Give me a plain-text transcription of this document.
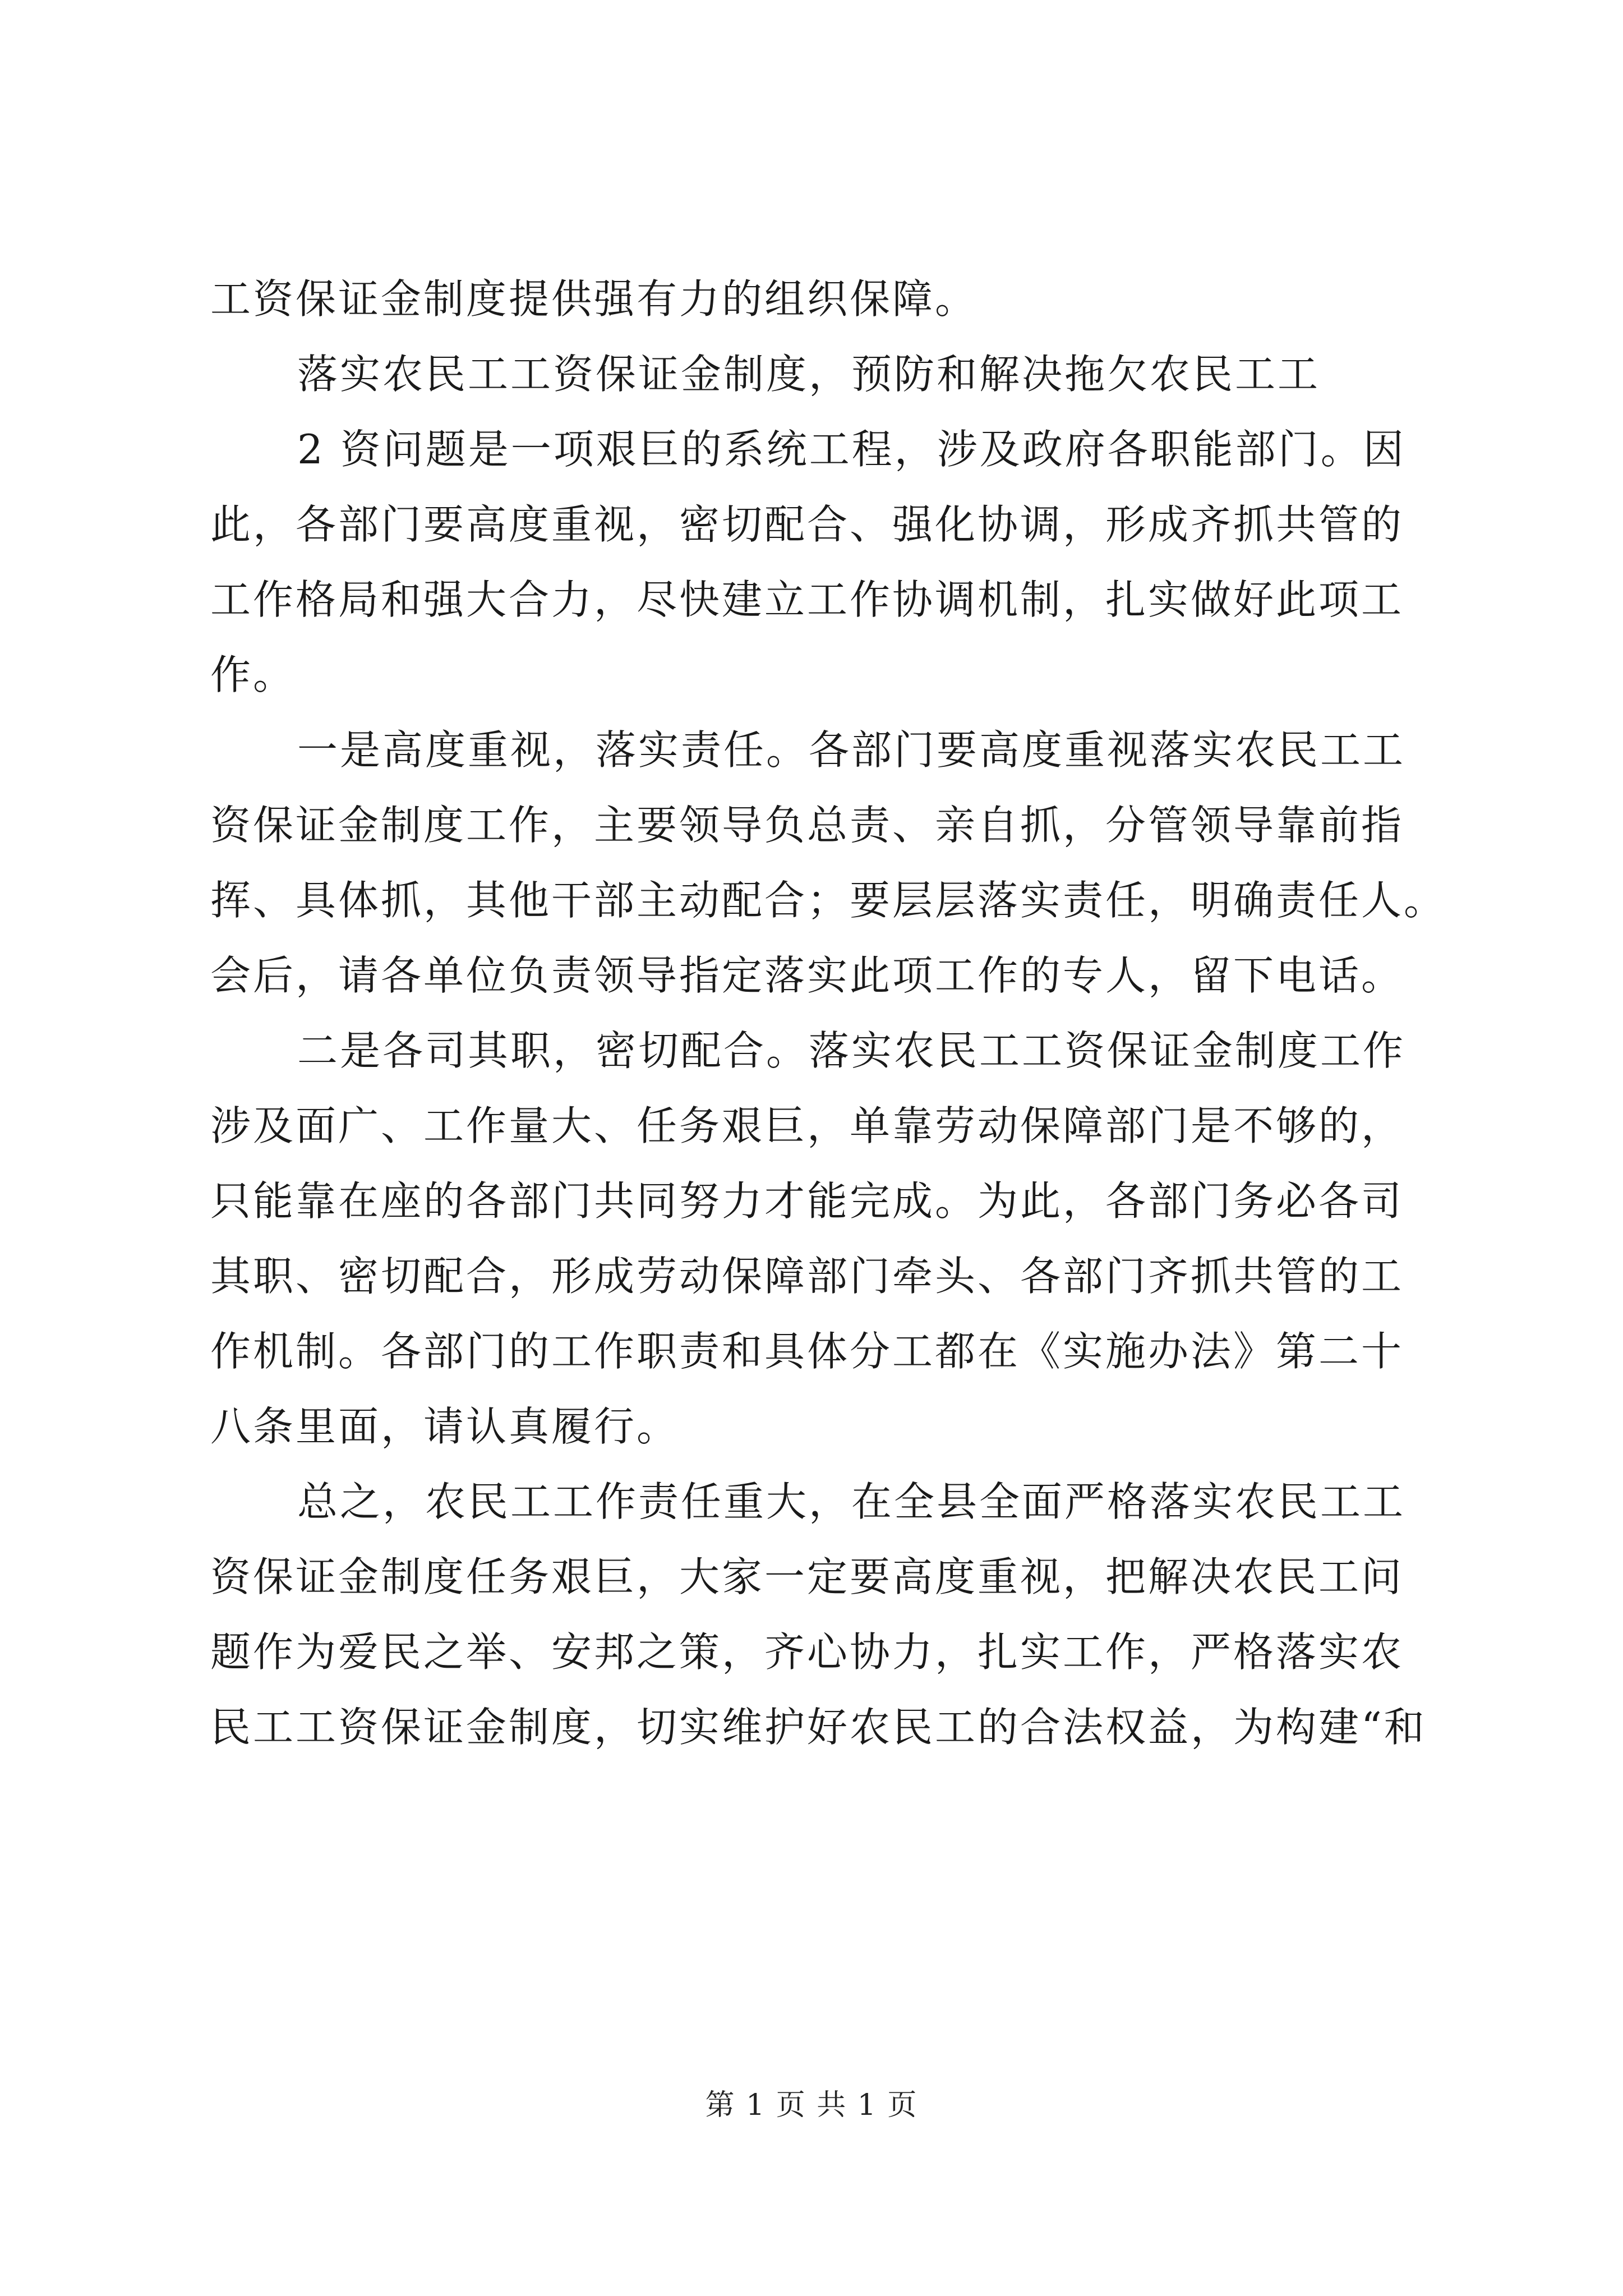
工资保证金制度提供强有力的组织保障。
落实农民工工资保证金制度，预防和解决拖欠农民工工
2 资问题是一项艰巨的系统工程，涉及政府各职能部门。因
此，各部门要高度重视，密切配合、强化协调，形成齐抓共管的
工作格局和强大合力，尽快建立工作协调机制，扎实做好此项工
作。
一是高度重视，落实责任。各部门要高度重视落实农民工工
资保证金制度工作，主要领导负总责、亲自抓，分管领导靠前指
挥、具体抓，其他干部主动配合；要层层落实责任，明确责任人。
会后，请各单位负责领导指定落实此项工作的专人，留下电话。
二是各司其职，密切配合。落实农民工工资保证金制度工作
涉及面广、工作量大、任务艰巨，单靠劳动保障部门是不够的，
只能靠在座的各部门共同努力才能完成。为此，各部门务必各司
其职、密切配合，形成劳动保障部门牵头、各部门齐抓共管的工
作机制。各部门的工作职责和具体分工都在《实施办法》第二十
八条里面，请认真履行。
总之，农民工工作责任重大，在全县全面严格落实农民工工
资保证金制度任务艰巨，大家一定要高度重视，把解决农民工问
题作为爱民之举、安邦之策，齐心协力，扎实工作，严格落实农
民工工资保证金制度，切实维护好农民工的合法权益，为构建“和
第 1 页 共 1 页
